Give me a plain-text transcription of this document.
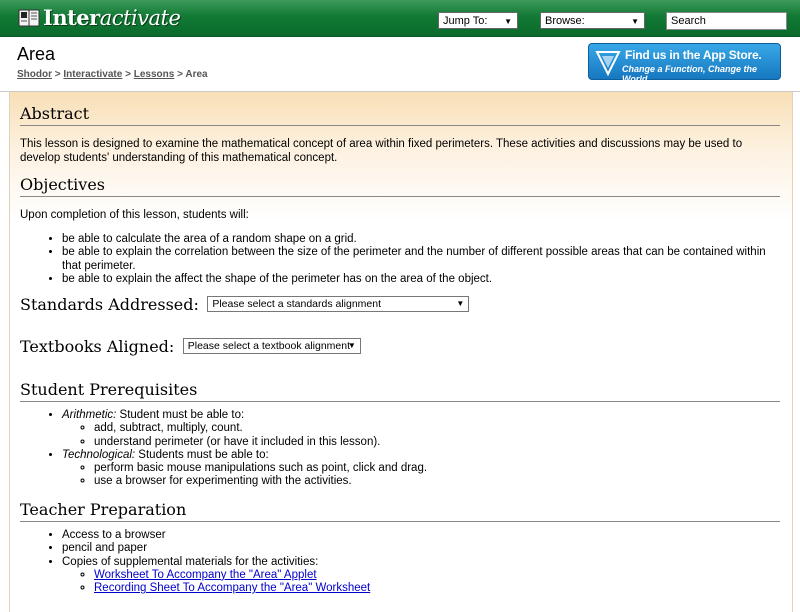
Interactivate	Jump To: ▼	Browse:	▼	Search
Area
Shodor > Interactivate > Lessons > Area
Find us in the App Store.
Change a Function, Change the World
Abstract

This lesson is designed to examine the mathematical concept of area within fixed perimeters. These activities and discussions may be used to develop students' understanding of this mathematical concept.

Objectives

Upon completion of this lesson, students will:

• be able to calculate the area of a random shape on a grid.
• be able to explain the correlation between the size of the perimeter and the number of different possible areas that can be contained within that perimeter.
• be able to explain the affect the shape of the perimeter has on the area of the object.
Standards Addressed: Please select a standards alignment	▼
Textbooks Aligned: Please select a textbook alignment
▼
Student Prerequisites
• Arithmetic: Student must be able to:
◦ add, subtract, multiply, count.
◦ understand perimeter (or have it included in this lesson).
• Technological: Students must be able to:
◦ perform basic mouse manipulations such as point, click and drag.
◦ use a browser for experimenting with the activities.
Teacher Preparation
• Access to a browser
• pencil and paper
• Copies of supplemental materials for the activities:
◦ Worksheet To Accompany the "Area" Applet
◦ Recording Sheet To Accompany the "Area" Worksheet
